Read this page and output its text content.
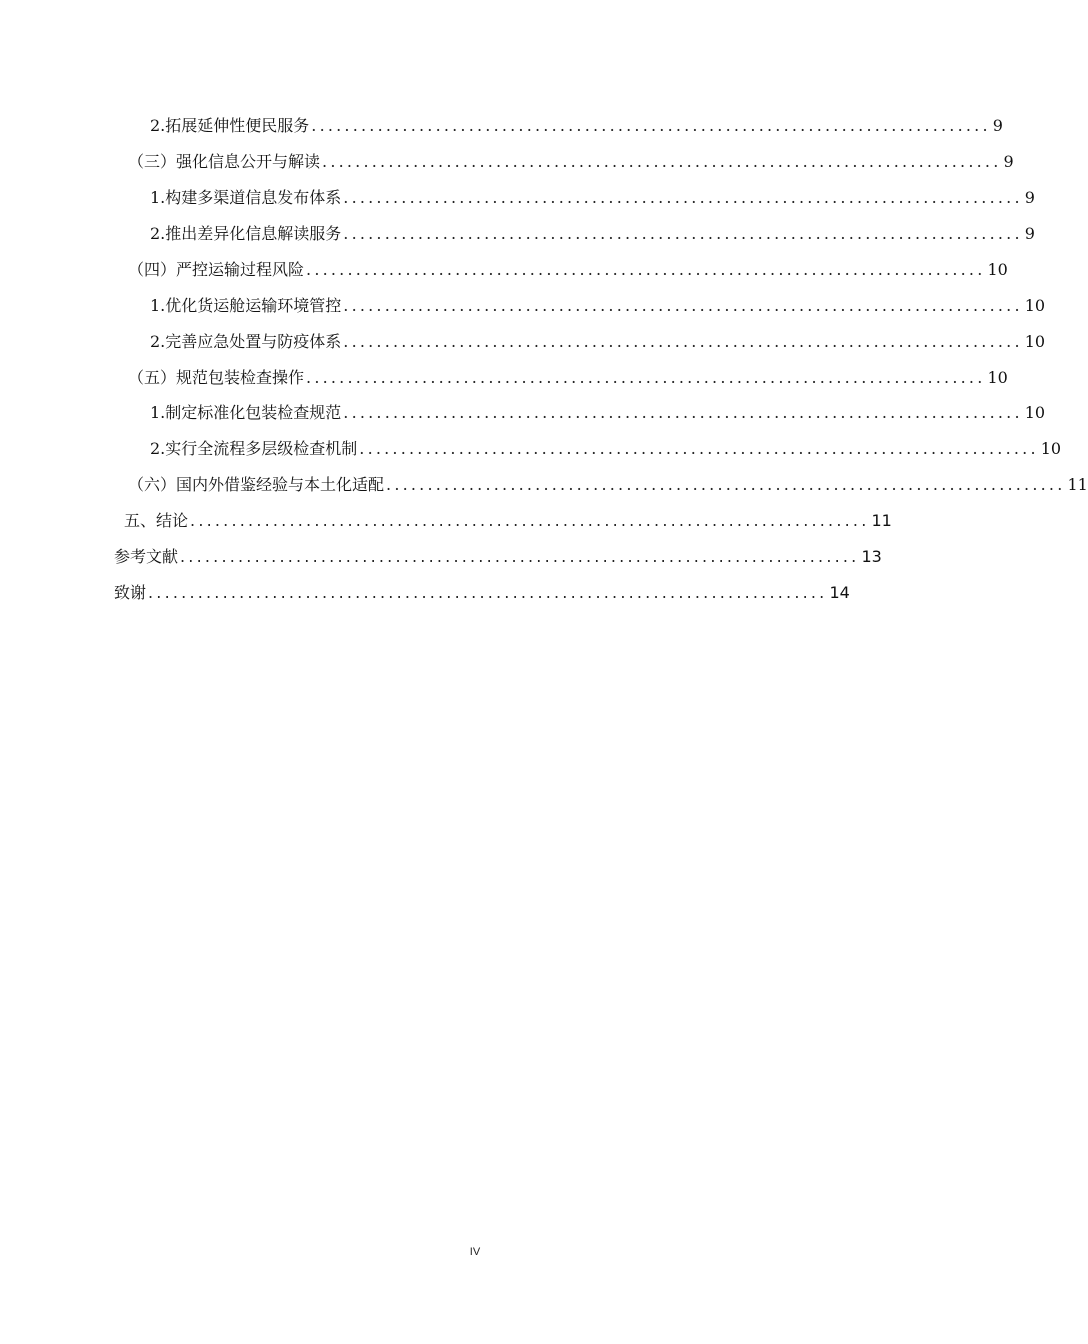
2. 拓展延伸性便民服务 .................................................................................. 9
（三） 强化信息公开与解读 .................................................................................. 9
1. 构建多渠道信息发布体系 .................................................................................. 9
2. 推出差异化信息解读服务 .................................................................................. 9
（四） 严控运输过程风险 .................................................................................. 10
1. 优化货运舱运输环境管控 .................................................................................. 10
2. 完善应急处置与防疫体系 .................................................................................. 10
（五） 规范包装检查操作 .................................................................................. 10
1. 制定标准化包装检查规范 .................................................................................. 10
2. 实行全流程多层级检查机制 .................................................................................. 10
（六） 国内外借鉴经验与本土化适配 .................................................................................. 11
五、 结论 .................................................................................. 11
参考文献 .................................................................................. 13
致谢 .................................................................................. 14
IV
